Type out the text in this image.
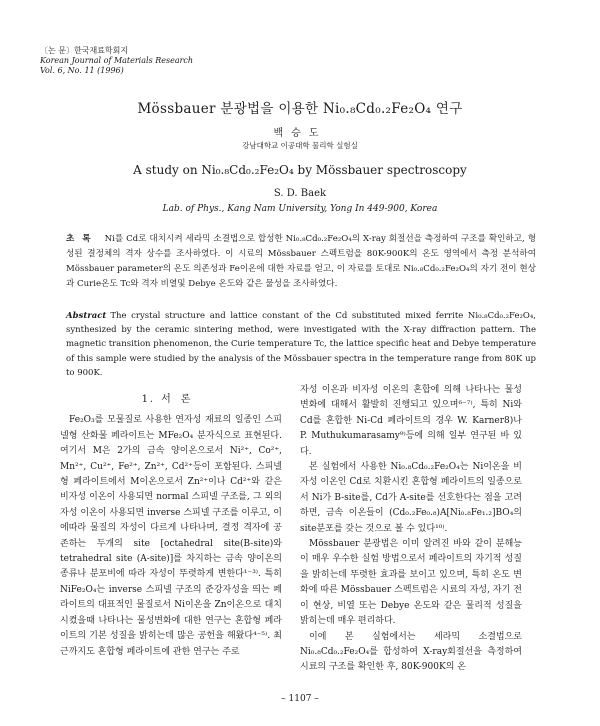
〔논 문〕한국재료학회지
Korean Journal of Materials Research
Vol. 6, No. 11 (1996)
Mössbauer 분광법을 이용한 Ni₀.₈Cd₀.₂Fe₂O₄ 연구
백승도
강남대학교 이공대학 물리학 실험실
A study on Ni₀.₈Cd₀.₂Fe₂O₄ by Mössbauer spectroscopy
S. D. Baek
Lab. of Phys., Kang Nam University, Yong In 449-900, Korea
초록 Ni를 Cd로 대치시켜 세라믹 소결법으로 합성한 Ni₀.₈Cd₀.₂Fe₂O₄의 X-ray 회절선을 측정하여 구조를 확인하고, 형성된 결정체의 격자 상수를 조사하였다. 이 시료의 Mössbauer 스펙트럼을 80K-900K의 온도 영역에서 측정 분석하여 Mössbauer parameter의 온도 의존성과 Fe이온에 대한 자료를 얻고, 이 자료를 토대로 Ni₀.₈Cd₀.₂Fe₂O₄의 자기 전이 현상과 Curie온도 Tc와 격자 비열및 Debye 온도와 같은 물성을 조사하였다.
Abstract The crystal structure and lattice constant of the Cd substituted mixed ferrite Ni₀.₈Cd₀.₂Fe₂O₄, synthesized by the ceramic sintering method, were investigated with the X-ray diffraction pattern. The magnetic transition phenomenon, the Curie temperature Tc, the lattice specific heat and Debye temperature of this sample were studied by the analysis of the Mössbauer spectra in the temperature range from 80K up to 900K.
1. 서론

Fe₂O₃를 모물질로 사용한 연자성 재료의 일종인 스피넬형 산화물 페라이트는 MFe₂O₄ 분자식으로 표현된다. 여기서 M은 2가의 금속 양이온으로서 Ni²⁺, Co²⁺, Mn²⁺, Cu²⁺, Fe²⁺, Zn²⁺, Cd²⁺등이 포함된다. 스피넬형 페라이트에서 M이온으로서 Zn²⁺이나 Cd²⁺와 같은 비자성 이온이 사용되면 normal 스피넬 구조를, 그 외의 자성 이온이 사용되면 inverse 스피넬 구조를 이루고, 이에따라 물질의 자성이 다르게 나타나며, 결정 격자에 공존하는 두개의 site [octahedral site(B-site)와 tetrahedral site (A-site)]를 차지하는 금속 양이온의 종류나 분포비에 따라 자성이 뚜렷하게 변한다¹⁻³⁾. 특히 NiFe₂O₄는 inverse 스피넬 구조의 준강자성을 띄는 페라이트의 대표적인 물질로서 Ni이온을 Zn이온으로 대치시켰을때 나타나는 물성변화에 대한 연구는 혼합형 페라이트의 기본 성질을 밝히는데 많은 공헌을 해왔다⁴⁻⁵⁾. 최근까지도 혼합형 페라이트에 관한 연구는 주로

자성 이온과 비자성 이온의 혼합에 의해 나타나는 물성 변화에 대해서 활발히 진행되고 있으며⁶⁻⁷⁾, 특히 Ni와 Cd를 혼합한 Ni-Cd 페라이트의 경우 W. Karner8)나 P. Muthukumarasamy⁹⁾등에 의해 일부 연구된 바 있다.

본 실험에서 사용한 Ni₀.₈Cd₀.₂Fe₂O₄는 Ni이온을 비자성 이온인 Cd로 치환시킨 혼합형 페라이트의 일종으로서 Ni가 B-site를, Cd가 A-site를 선호한다는 점을 고려하면, 금속 이온들이 (Cd₀.₂Fe₀.₈)A[Ni₀.₈Fe₁.₂]BO₄의 site분포를 갖는 것으로 볼 수 있다¹⁰⁾.

Mössbauer 분광법은 이미 알려진 바와 같이 분해능이 매우 우수한 실험 방법으로서 페라이트의 자기적 성질을 밝히는데 뚜렷한 효과를 보이고 있으며, 특히 온도 변화에 따른 Mössbauer 스펙트럼은 시료의 자성, 자기 전이 현상, 비열 또는 Debye 온도와 같은 물리적 성질을 밝히는데 매우 편리하다.

이에 본 실험에서는 세라믹 소결법으로 Ni₀.₈Cd₀.₂Fe₂O₄를 합성하여 X-ray회절선을 측정하여 시료의 구조를 확인한 후, 80K-900K의 온

– 1107 –
